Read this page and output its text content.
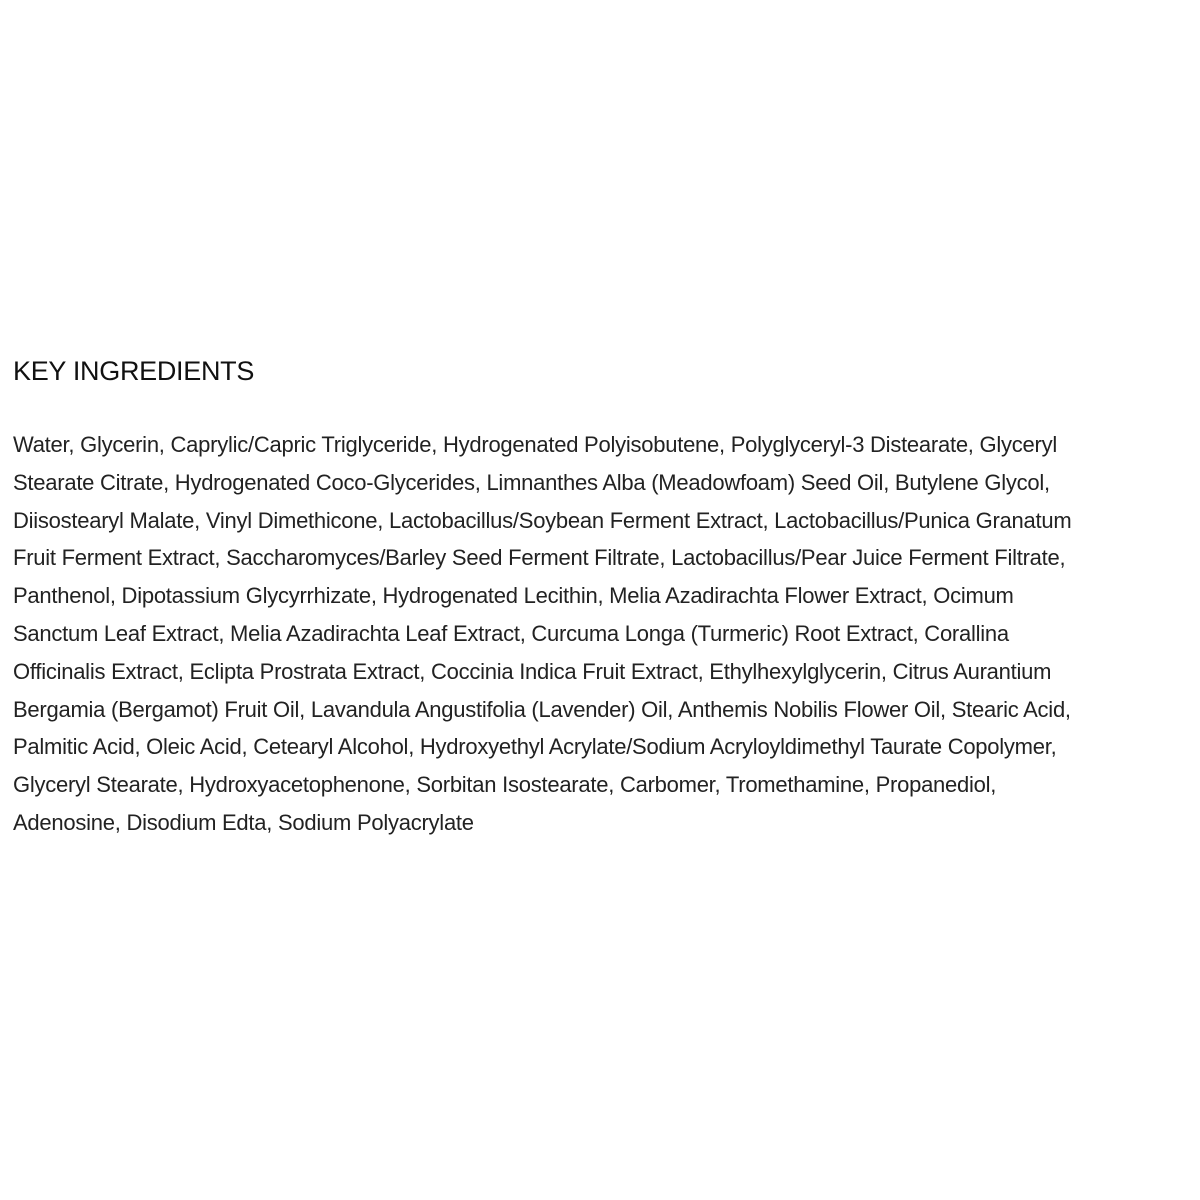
KEY INGREDIENTS

Water, Glycerin, Caprylic/Capric Triglyceride, Hydrogenated Polyisobutene, Polyglyceryl-3 Distearate, Glyceryl
Stearate Citrate, Hydrogenated Coco-Glycerides, Limnanthes Alba (Meadowfoam) Seed Oil, Butylene Glycol,
Diisostearyl Malate, Vinyl Dimethicone, Lactobacillus/Soybean Ferment Extract, Lactobacillus/Punica Granatum
Fruit Ferment Extract, Saccharomyces/Barley Seed Ferment Filtrate, Lactobacillus/Pear Juice Ferment Filtrate,
Panthenol, Dipotassium Glycyrrhizate, Hydrogenated Lecithin, Melia Azadirachta Flower Extract, Ocimum
Sanctum Leaf Extract, Melia Azadirachta Leaf Extract, Curcuma Longa (Turmeric) Root Extract, Corallina
Officinalis Extract, Eclipta Prostrata Extract, Coccinia Indica Fruit Extract, Ethylhexylglycerin, Citrus Aurantium
Bergamia (Bergamot) Fruit Oil, Lavandula Angustifolia (Lavender) Oil, Anthemis Nobilis Flower Oil, Stearic Acid,
Palmitic Acid, Oleic Acid, Cetearyl Alcohol, Hydroxyethyl Acrylate/Sodium Acryloyldimethyl Taurate Copolymer,
Glyceryl Stearate, Hydroxyacetophenone, Sorbitan Isostearate, Carbomer, Tromethamine, Propanediol,
Adenosine, Disodium Edta, Sodium Polyacrylate
